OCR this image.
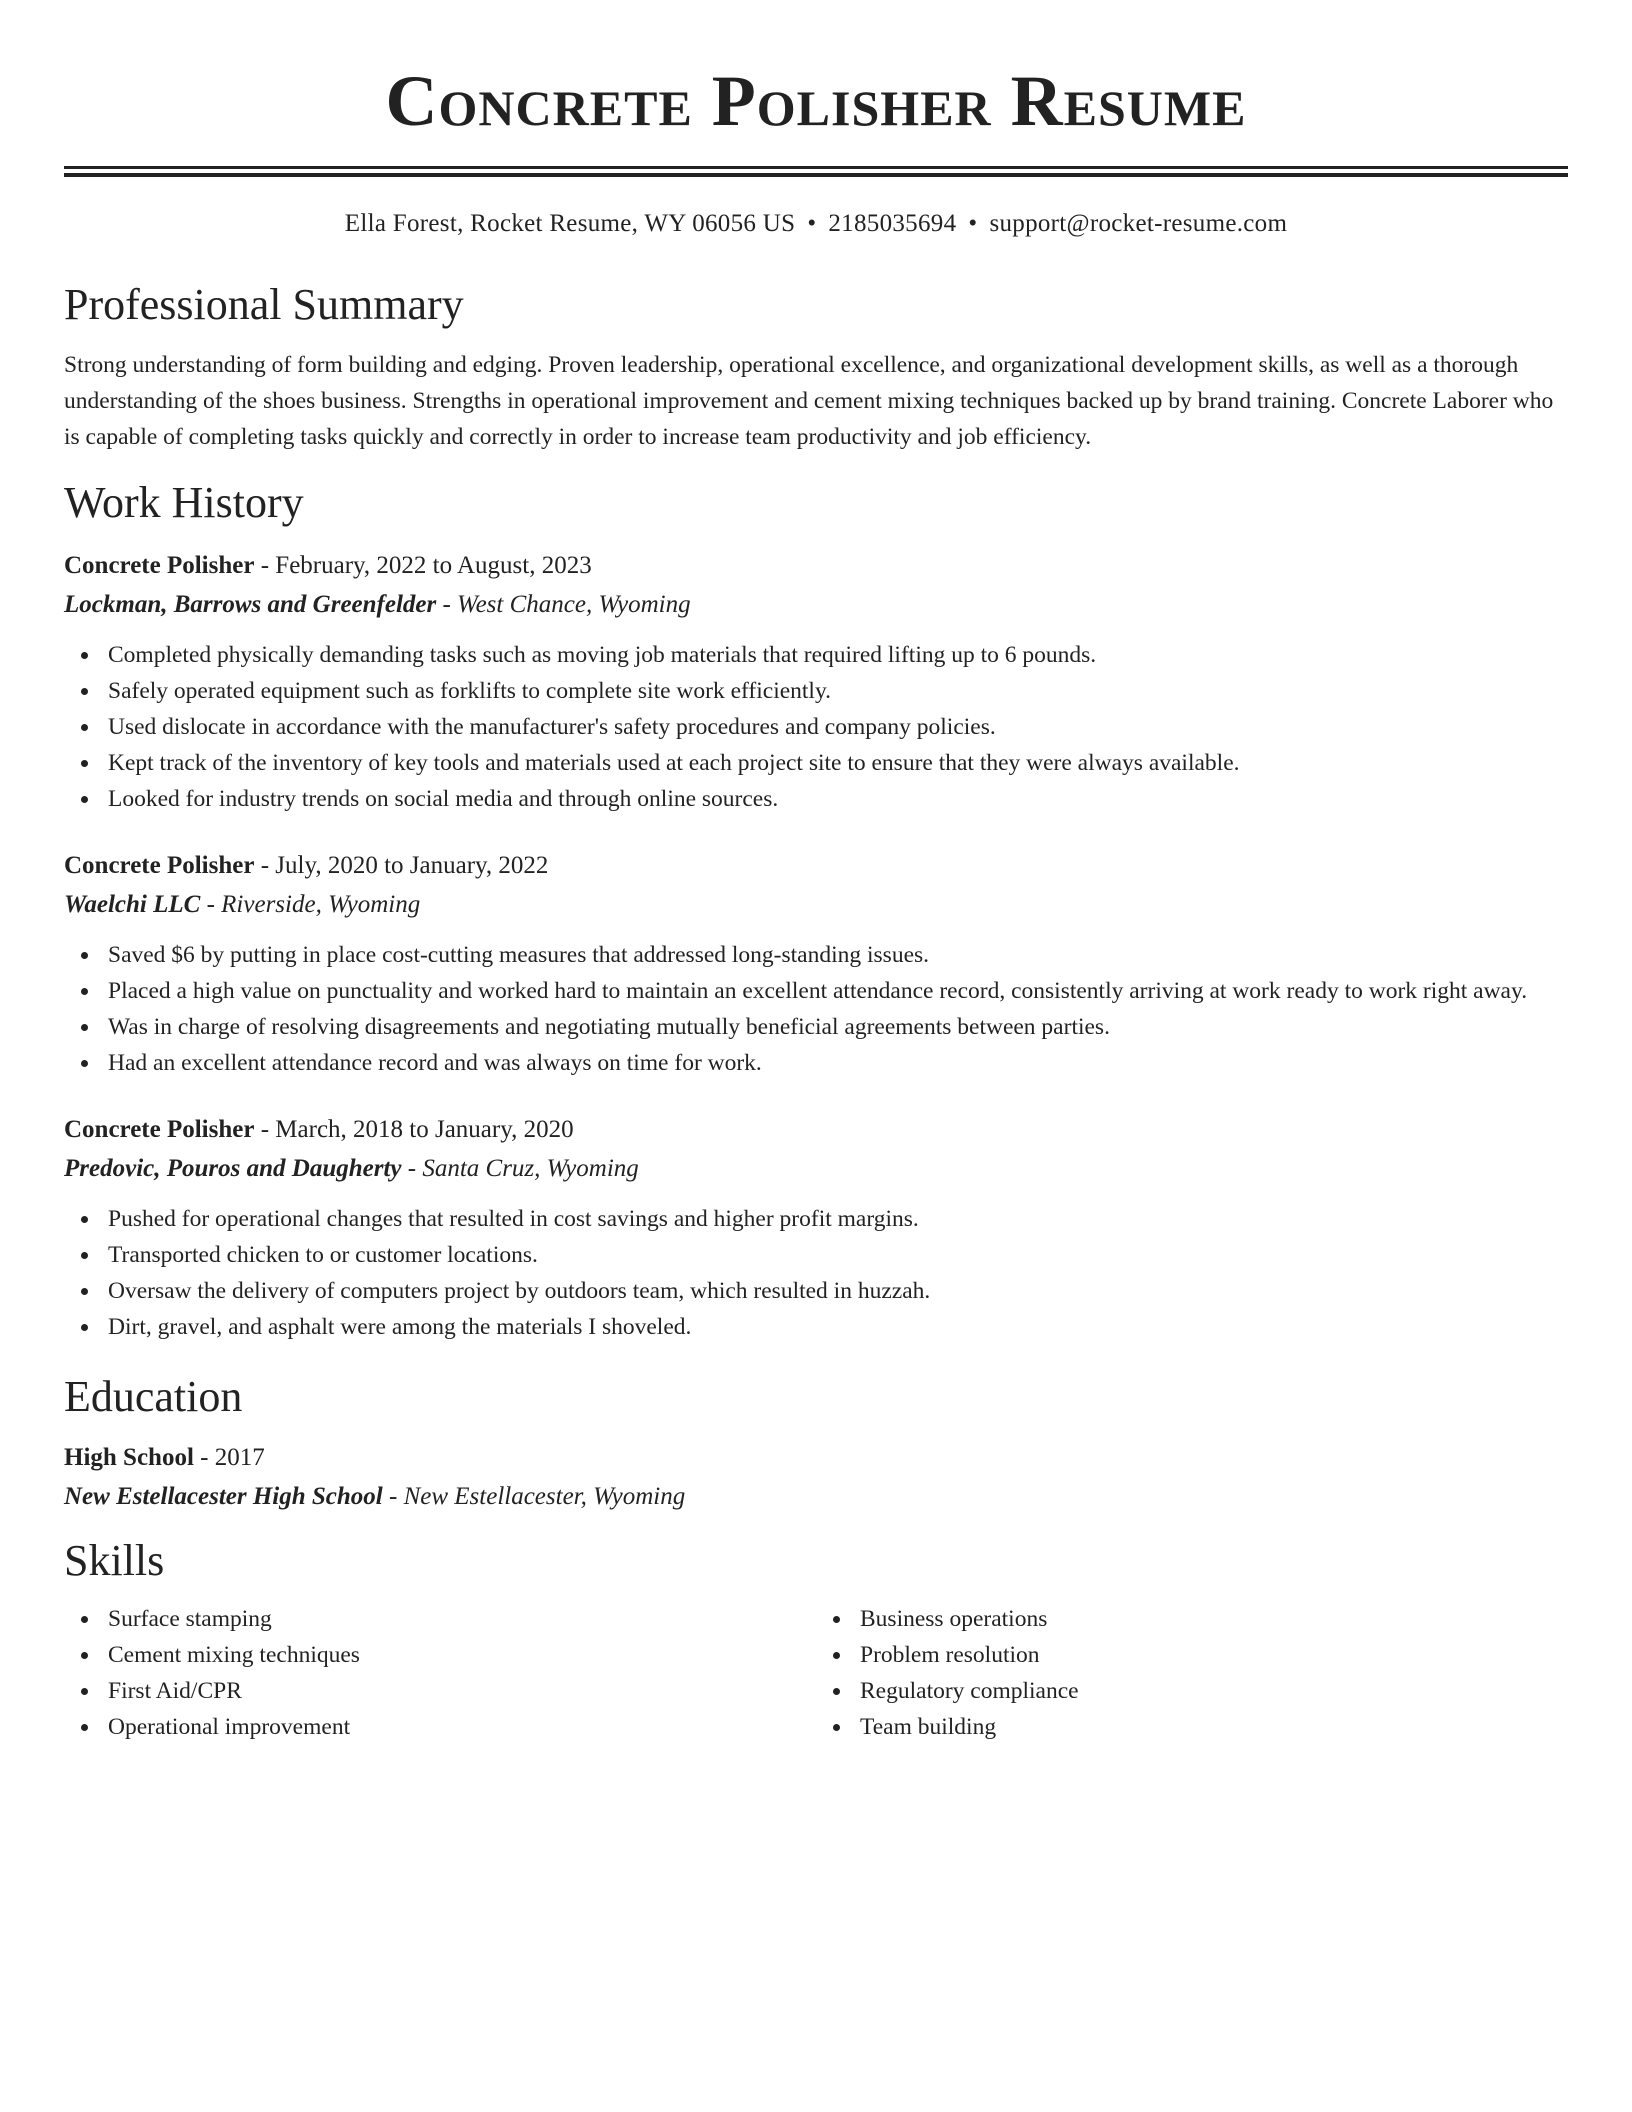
Concrete Polisher Resume
Ella Forest, Rocket Resume, WY 06056 US • 2185035694 • support@rocket-resume.com
Professional Summary
Strong understanding of form building and edging. Proven leadership, operational excellence, and organizational development skills, as well as a thorough understanding of the shoes business. Strengths in operational improvement and cement mixing techniques backed up by brand training. Concrete Laborer who is capable of completing tasks quickly and correctly in order to increase team productivity and job efficiency.
Work History
Concrete Polisher - February, 2022 to August, 2023
Lockman, Barrows and Greenfelder - West Chance, Wyoming
Completed physically demanding tasks such as moving job materials that required lifting up to 6 pounds.
Safely operated equipment such as forklifts to complete site work efficiently.
Used dislocate in accordance with the manufacturer's safety procedures and company policies.
Kept track of the inventory of key tools and materials used at each project site to ensure that they were always available.
Looked for industry trends on social media and through online sources.
Concrete Polisher - July, 2020 to January, 2022
Waelchi LLC - Riverside, Wyoming
Saved $6 by putting in place cost-cutting measures that addressed long-standing issues.
Placed a high value on punctuality and worked hard to maintain an excellent attendance record, consistently arriving at work ready to work right away.
Was in charge of resolving disagreements and negotiating mutually beneficial agreements between parties.
Had an excellent attendance record and was always on time for work.
Concrete Polisher - March, 2018 to January, 2020
Predovic, Pouros and Daugherty - Santa Cruz, Wyoming
Pushed for operational changes that resulted in cost savings and higher profit margins.
Transported chicken to or customer locations.
Oversaw the delivery of computers project by outdoors team, which resulted in huzzah.
Dirt, gravel, and asphalt were among the materials I shoveled.
Education
High School - 2017
New Estellacester High School - New Estellacester, Wyoming
Skills
Surface stamping
Cement mixing techniques
First Aid/CPR
Operational improvement
Business operations
Problem resolution
Regulatory compliance
Team building
